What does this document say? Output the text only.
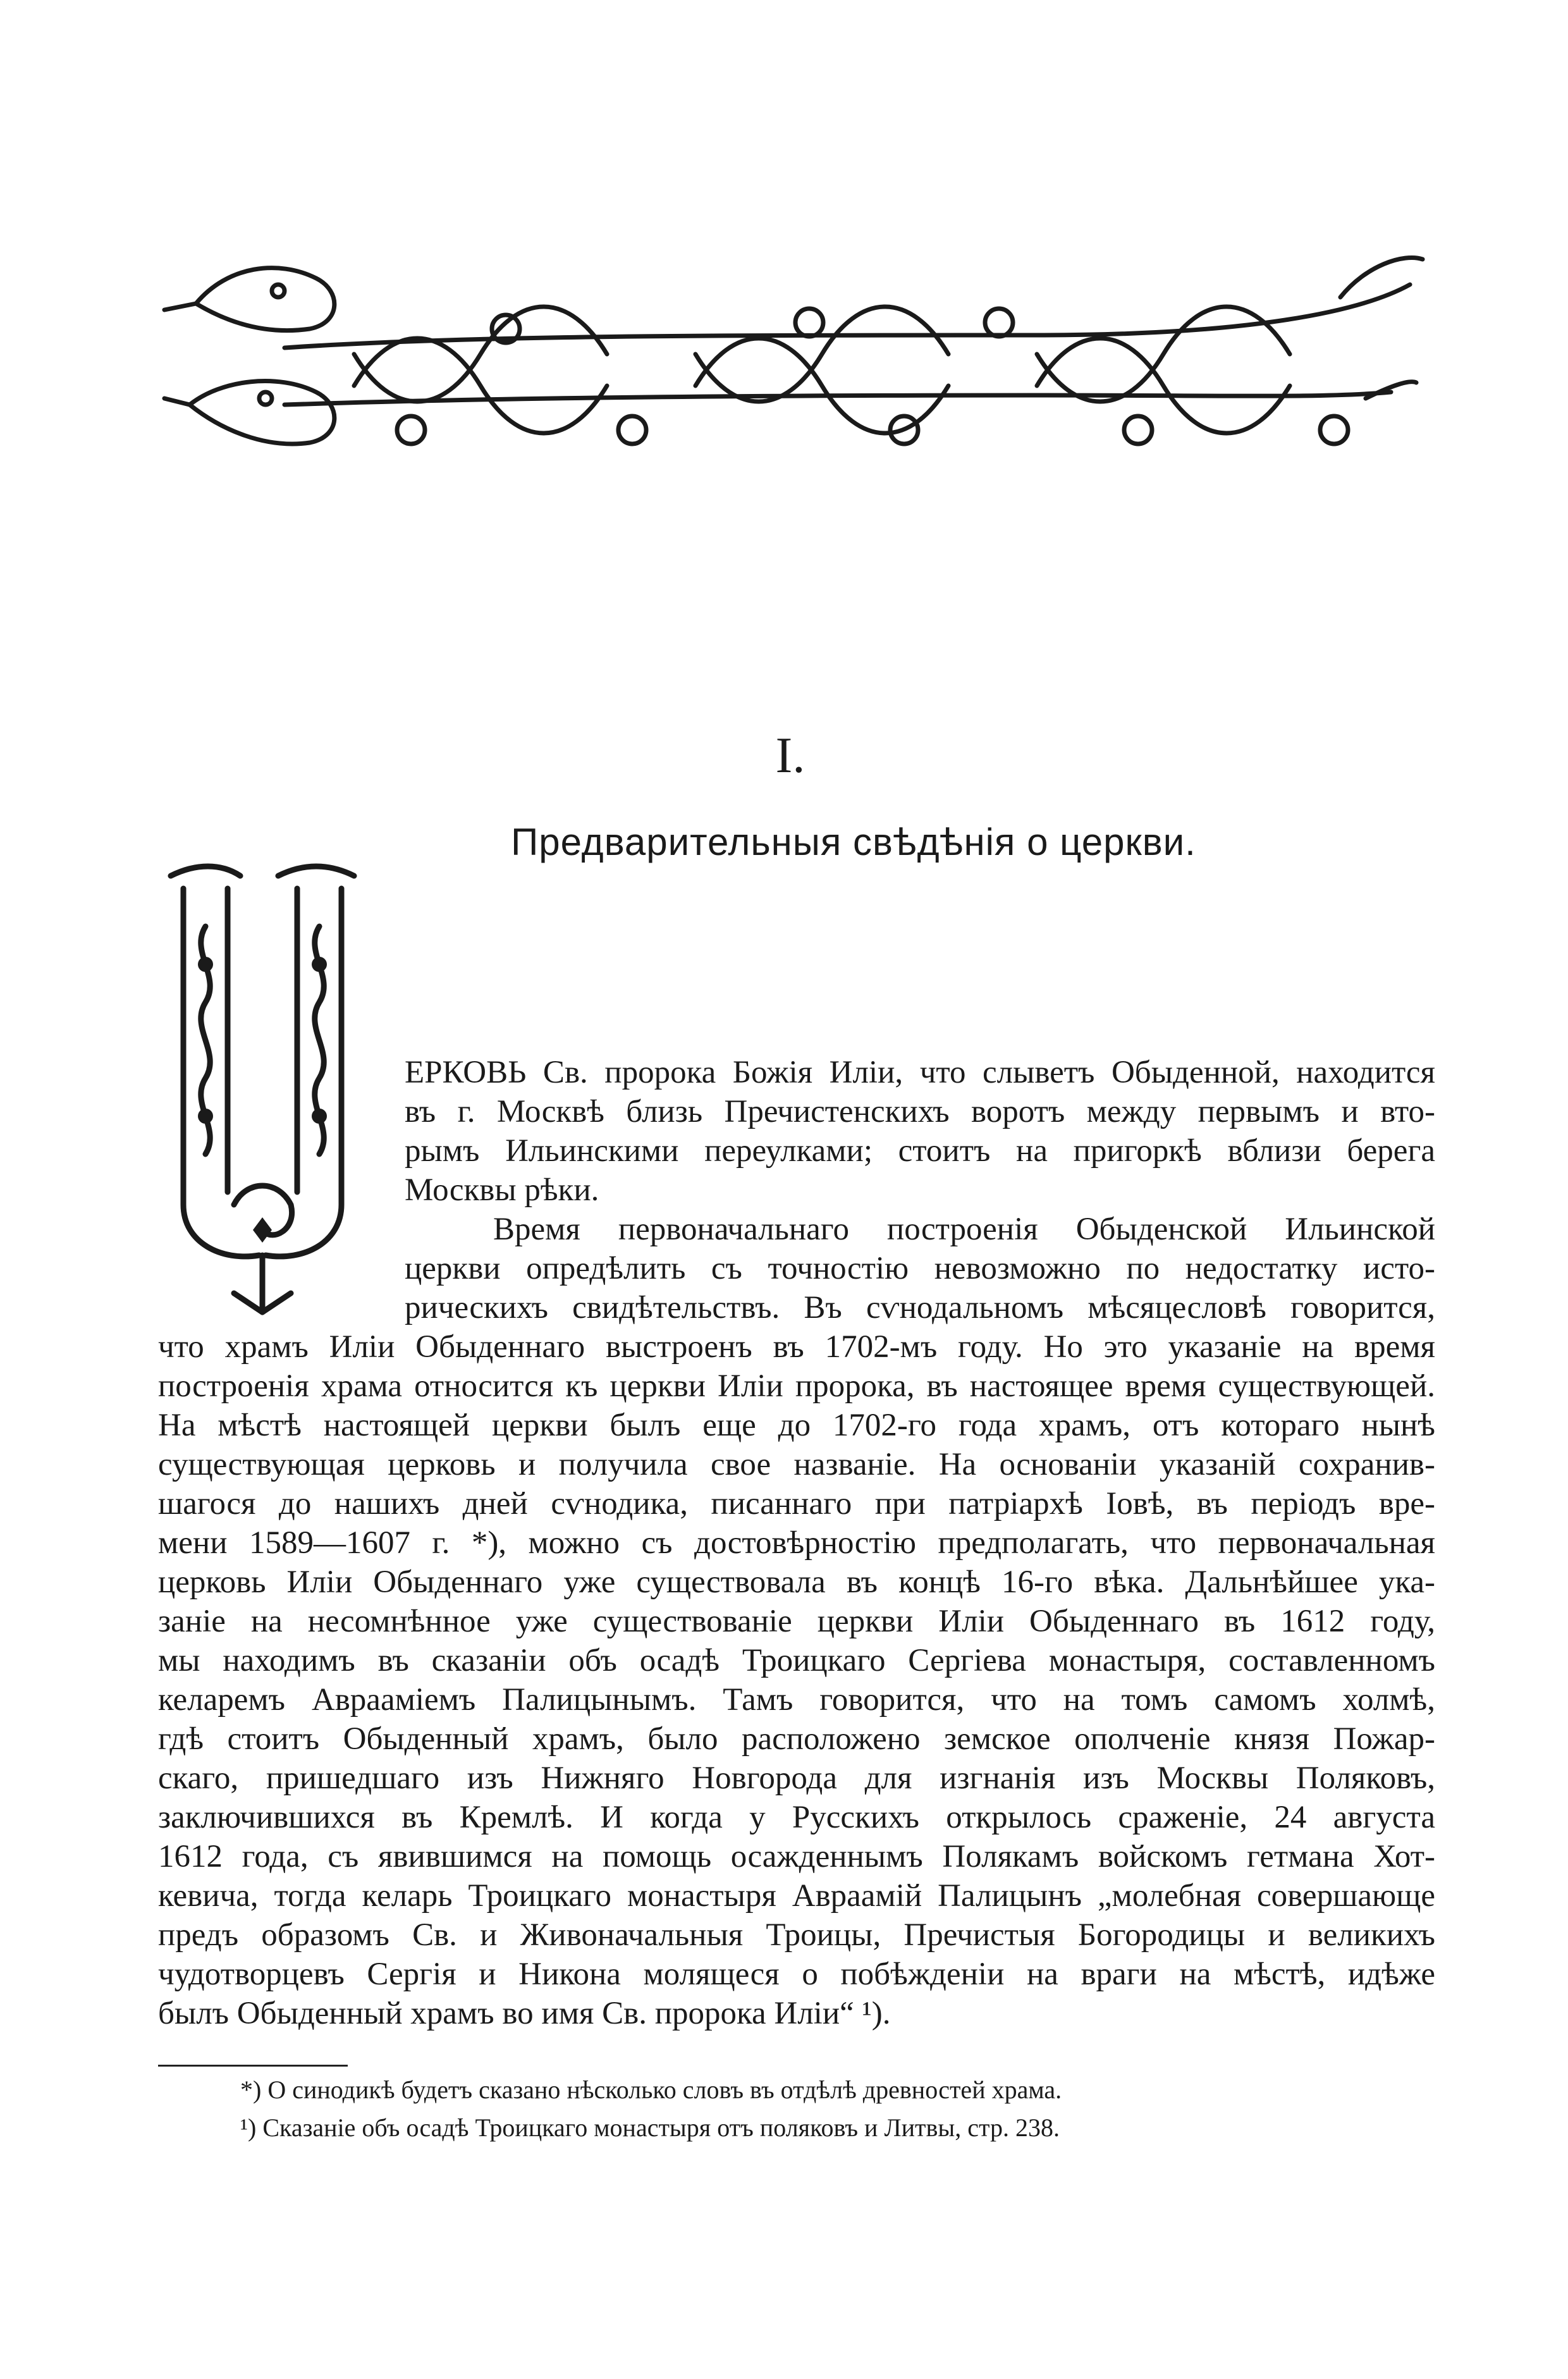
I.
Предварительныя свѣдѣнія о церкви.
ЕРКОВЬ Св. пророка Божія Иліи, что слыветъ Обыденной, находится
въ г. Москвѣ близь Пречистенскихъ воротъ между первымъ и вто-
рымъ Ильинскими переулками; стоитъ на пригоркѣ вблизи берега
Москвы рѣки.
Время первоначальнаго построенія Обыденской Ильинской
церкви опредѣлить съ точностію невозможно по недостатку исто-
рическихъ свидѣтельствъ. Въ сѵнодальномъ мѣсяцесловѣ говорится,
что храмъ Иліи Обыденнаго выстроенъ въ 1702-мъ году. Но это указаніе на время
построенія храма относится къ церкви Иліи пророка, въ настоящее время существующей.
На мѣстѣ настоящей церкви былъ еще до 1702-го года храмъ, отъ котораго нынѣ
существующая церковь и получила свое названіе. На основаніи указаній сохранив-
шагося до нашихъ дней сѵнодика, писаннаго при патріархѣ Іовѣ, въ періодъ вре-
мени 1589—1607 г. *), можно съ достовѣрностію предполагать, что первоначальная
церковь Иліи Обыденнаго уже существовала въ концѣ 16-го вѣка. Дальнѣйшее ука-
заніе на несомнѣнное уже существованіе церкви Иліи Обыденнаго въ 1612 году,
мы находимъ въ сказаніи объ осадѣ Троицкаго Сергіева монастыря, составленномъ
келаремъ Авраамiемъ Палицынымъ. Тамъ говорится, что на томъ самомъ холмѣ,
гдѣ стоитъ Обыденный храмъ, было расположено земское ополченіе князя Пожар-
скаго, пришедшаго изъ Нижняго Новгорода для изгнанія изъ Москвы Поляковъ,
заключившихся въ Кремлѣ. И когда у Русскихъ открылось сраженіе, 24 августа
1612 года, съ явившимся на помощь осажденнымъ Полякамъ войскомъ гетмана Хот-
кевича, тогда келарь Троицкаго монастыря Авраамій Палицынъ „молебная совершающе
предъ образомъ Св. и Живоначальныя Троицы, Пречистыя Богородицы и великихъ
чудотворцевъ Сергія и Никона молящеся о побѣжденіи на враги на мѣстѣ, идѣже
былъ Обыденный храмъ во имя Св. пророка Иліи“ ¹).
*) О синодикѣ будетъ сказано нѣсколько словъ въ отдѣлѣ древностей храма.
¹) Сказаніе объ осадѣ Троицкаго монастыря отъ поляковъ и Литвы, стр. 238.
